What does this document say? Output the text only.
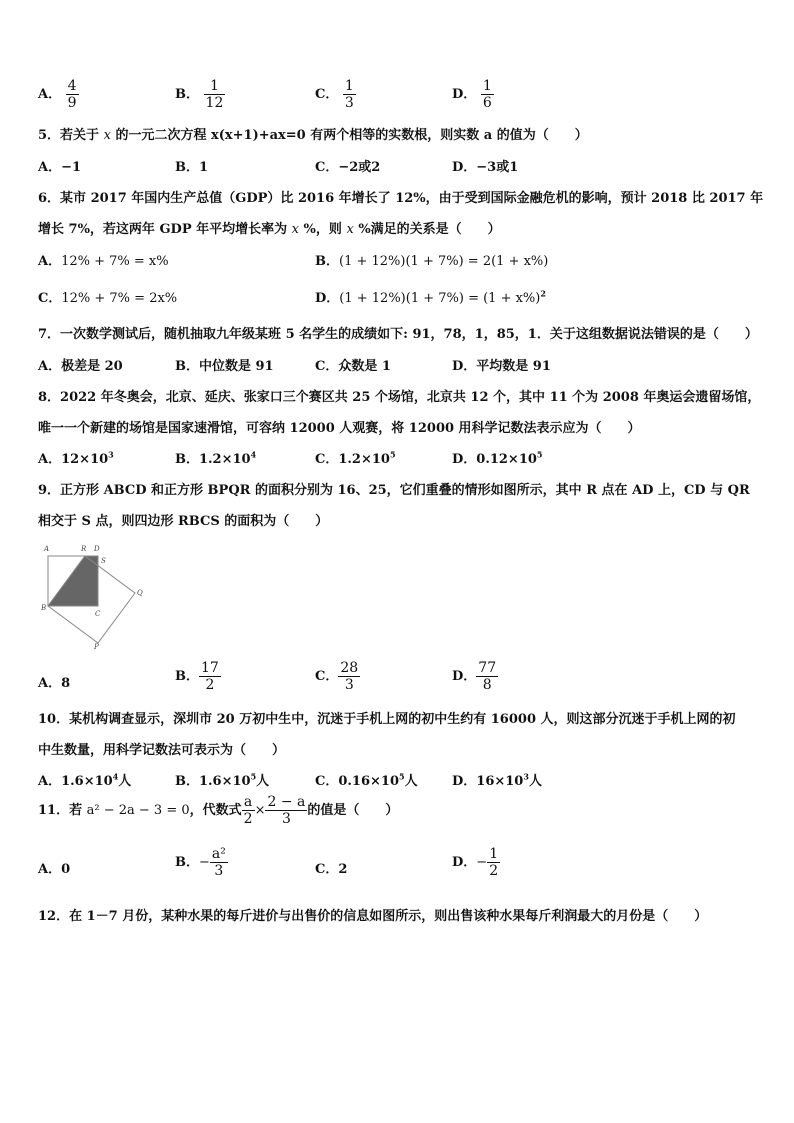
A． $\frac{4}{9}$	B． $\frac{1}{12}$	C． $\frac{1}{3}$	D． $\frac{1}{6}$
5．若关于 x 的一元二次方程 x(x+1)+ax=0 有两个相等的实数根，则实数 a 的值为（　　）
A．−1	B．1	C．−2或2	D．−3或1
6．某市 2017 年国内生产总值（GDP）比 2016 年增长了 12%，由于受到国际金融危机的影响，预计 2018 比 2017 年
增长 7%，若这两年 GDP 年平均增长率为 x %，则 x %满足的关系是（　　）
A．12% + 7% = x%	B．(1 + 12%)(1 + 7%) = 2(1 + x%)
C．12% + 7% = 2x%	D．$(1 + 12\%)(1 + 7\%) = (1 + x\%)^2$
7．一次数学测试后，随机抽取九年级某班 5 名学生的成绩如下: 91，78，1，85，1．关于这组数据说法错误的是（　　）
A．极差是 20	B．中位数是 91	C．众数是 1	D．平均数是 91
8．2022 年冬奥会，北京、延庆、张家口三个赛区共 25 个场馆，北京共 12 个，其中 11 个为 2008 年奥运会遗留场馆，
唯一一个新建的场馆是国家速滑馆，可容纳 12000 人观赛，将 12000 用科学记数法表示应为（　　）
A．$12\times 10^3$	B．$1.2\times 10^4$	C．$1.2\times 10^5$	D．$0.12\times 10^5$
9．正方形 ABCD 和正方形 BPQR 的面积分别为 16、25，它们重叠的情形如图所示，其中 R 点在 AD 上，CD 与 QR
相交于 S 点，则四边形 RBCS 的面积为（　　）
A	R D
S
B
C
Q
P
A．8	B． $\frac{17}{2}$	C． $\frac{28}{3}$	D． $\frac{77}{8}$
10．某机构调查显示，深圳市 20 万初中生中，沉迷于手机上网的初中生约有 16000 人，则这部分沉迷于手机上网的初
中生数量，用科学记数法可表示为（　　）
A．$1.6\times 10^4$人	B．$1.6\times 10^5$人	C．$0.16\times 10^5$人	D．$16\times 10^3$人
11．若 a² − 2a − 3 = 0，代数式 $\frac{a}{2} \times \frac{2 - a}{3}$ 的值是（　　）
A．0	B．− $\frac{\text{a²}}{3}$	C．2	D．− $\frac{1}{2}$
12．在 1－7 月份，某种水果的每斤进价与出售价的信息如图所示，则出售该种水果每斤利润最大的月份是（　　）
